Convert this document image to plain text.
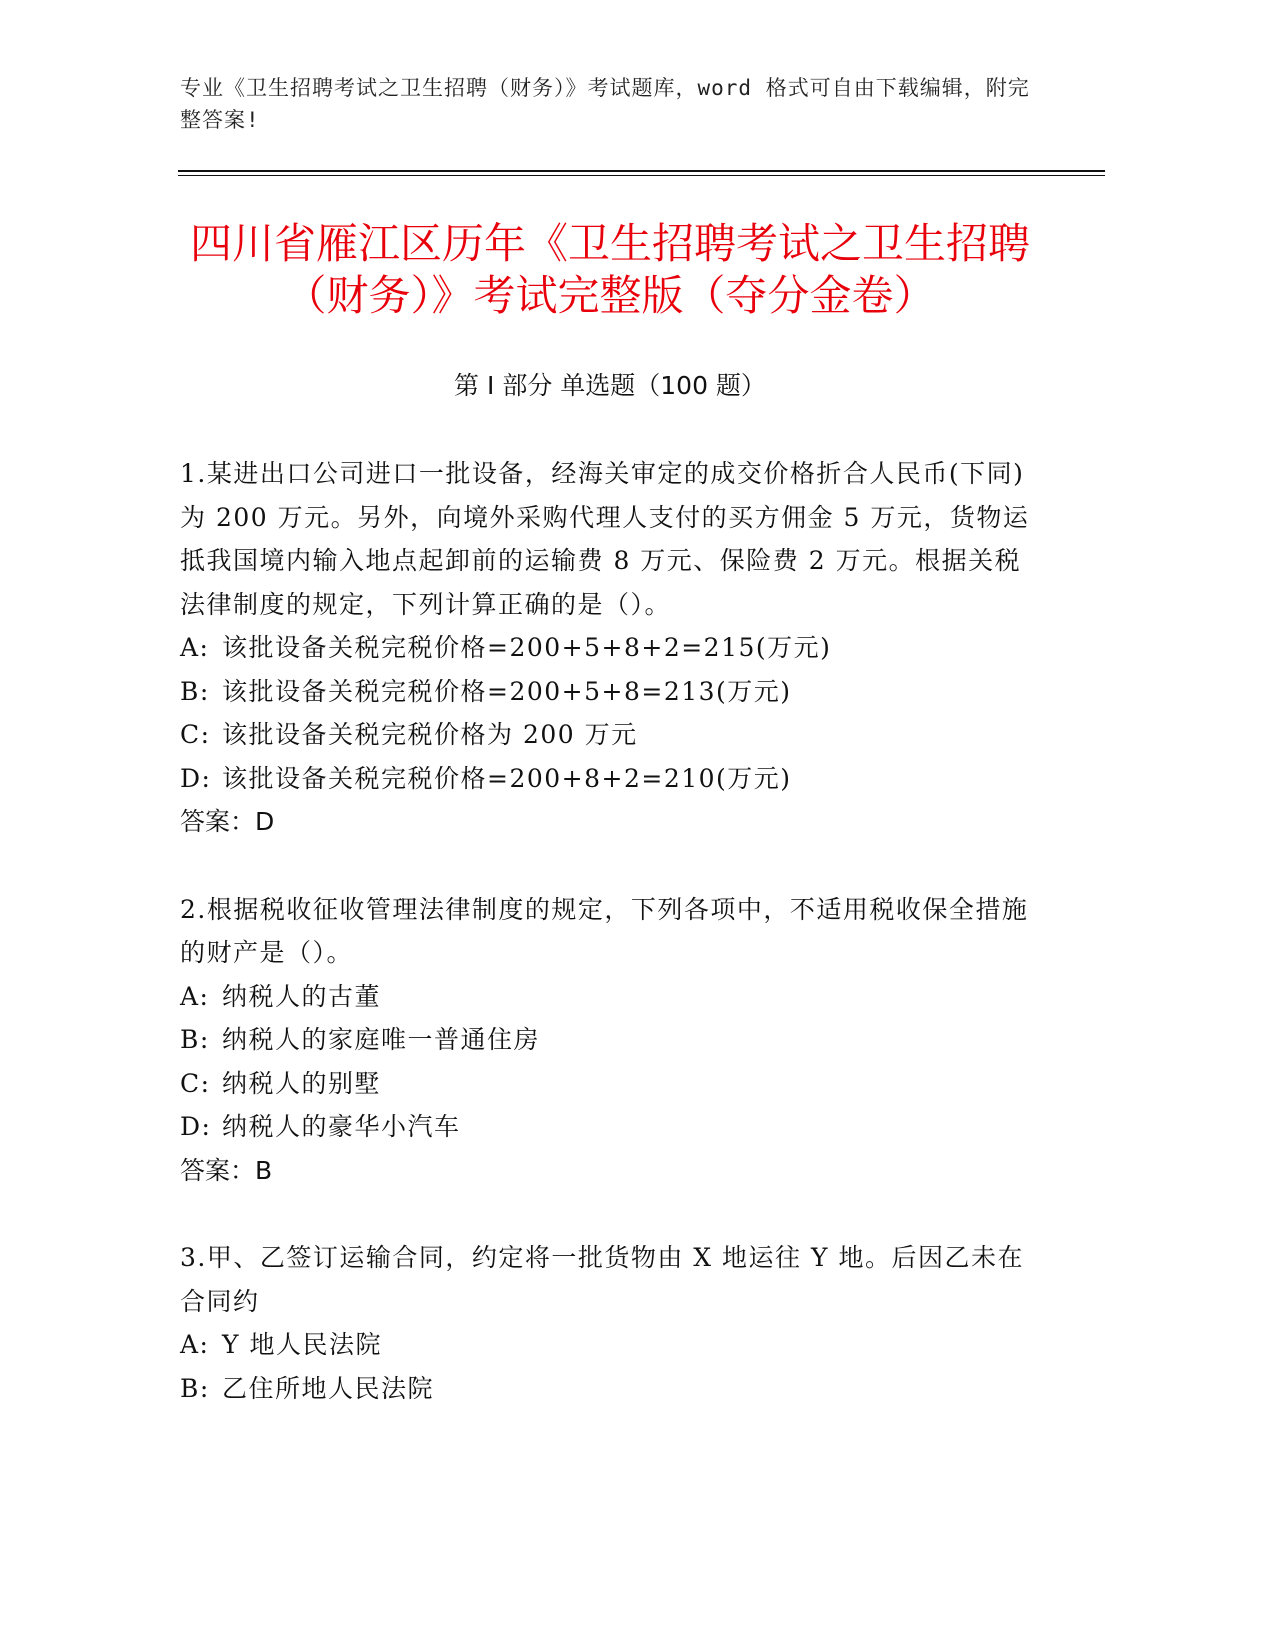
专业《卫生招聘考试之卫生招聘（财务）》考试题库，word 格式可自由下载编辑，附完整答案!
四川省雁江区历年《卫生招聘考试之卫生招聘（财务）》考试完整版（夺分金卷）
第 I 部分 单选题（100 题）
1.某进出口公司进口一批设备，经海关审定的成交价格折合人民币(下同)为 200 万元。另外，向境外采购代理人支付的买方佣金 5 万元，货物运抵我国境内输入地点起卸前的运输费 8 万元、保险费 2 万元。根据关税法律制度的规定，下列计算正确的是（）。
A: 该批设备关税完税价格=200+5+8+2=215(万元)
B: 该批设备关税完税价格=200+5+8=213(万元)
C: 该批设备关税完税价格为 200 万元
D: 该批设备关税完税价格=200+8+2=210(万元)
答案：D
2.根据税收征收管理法律制度的规定，下列各项中，不适用税收保全措施的财产是（）。
A: 纳税人的古董
B: 纳税人的家庭唯一普通住房
C: 纳税人的别墅
D: 纳税人的豪华小汽车
答案：B
3.甲、乙签订运输合同，约定将一批货物由 X 地运往 Y 地。后因乙未在合同约
A: Y 地人民法院
B: 乙住所地人民法院
